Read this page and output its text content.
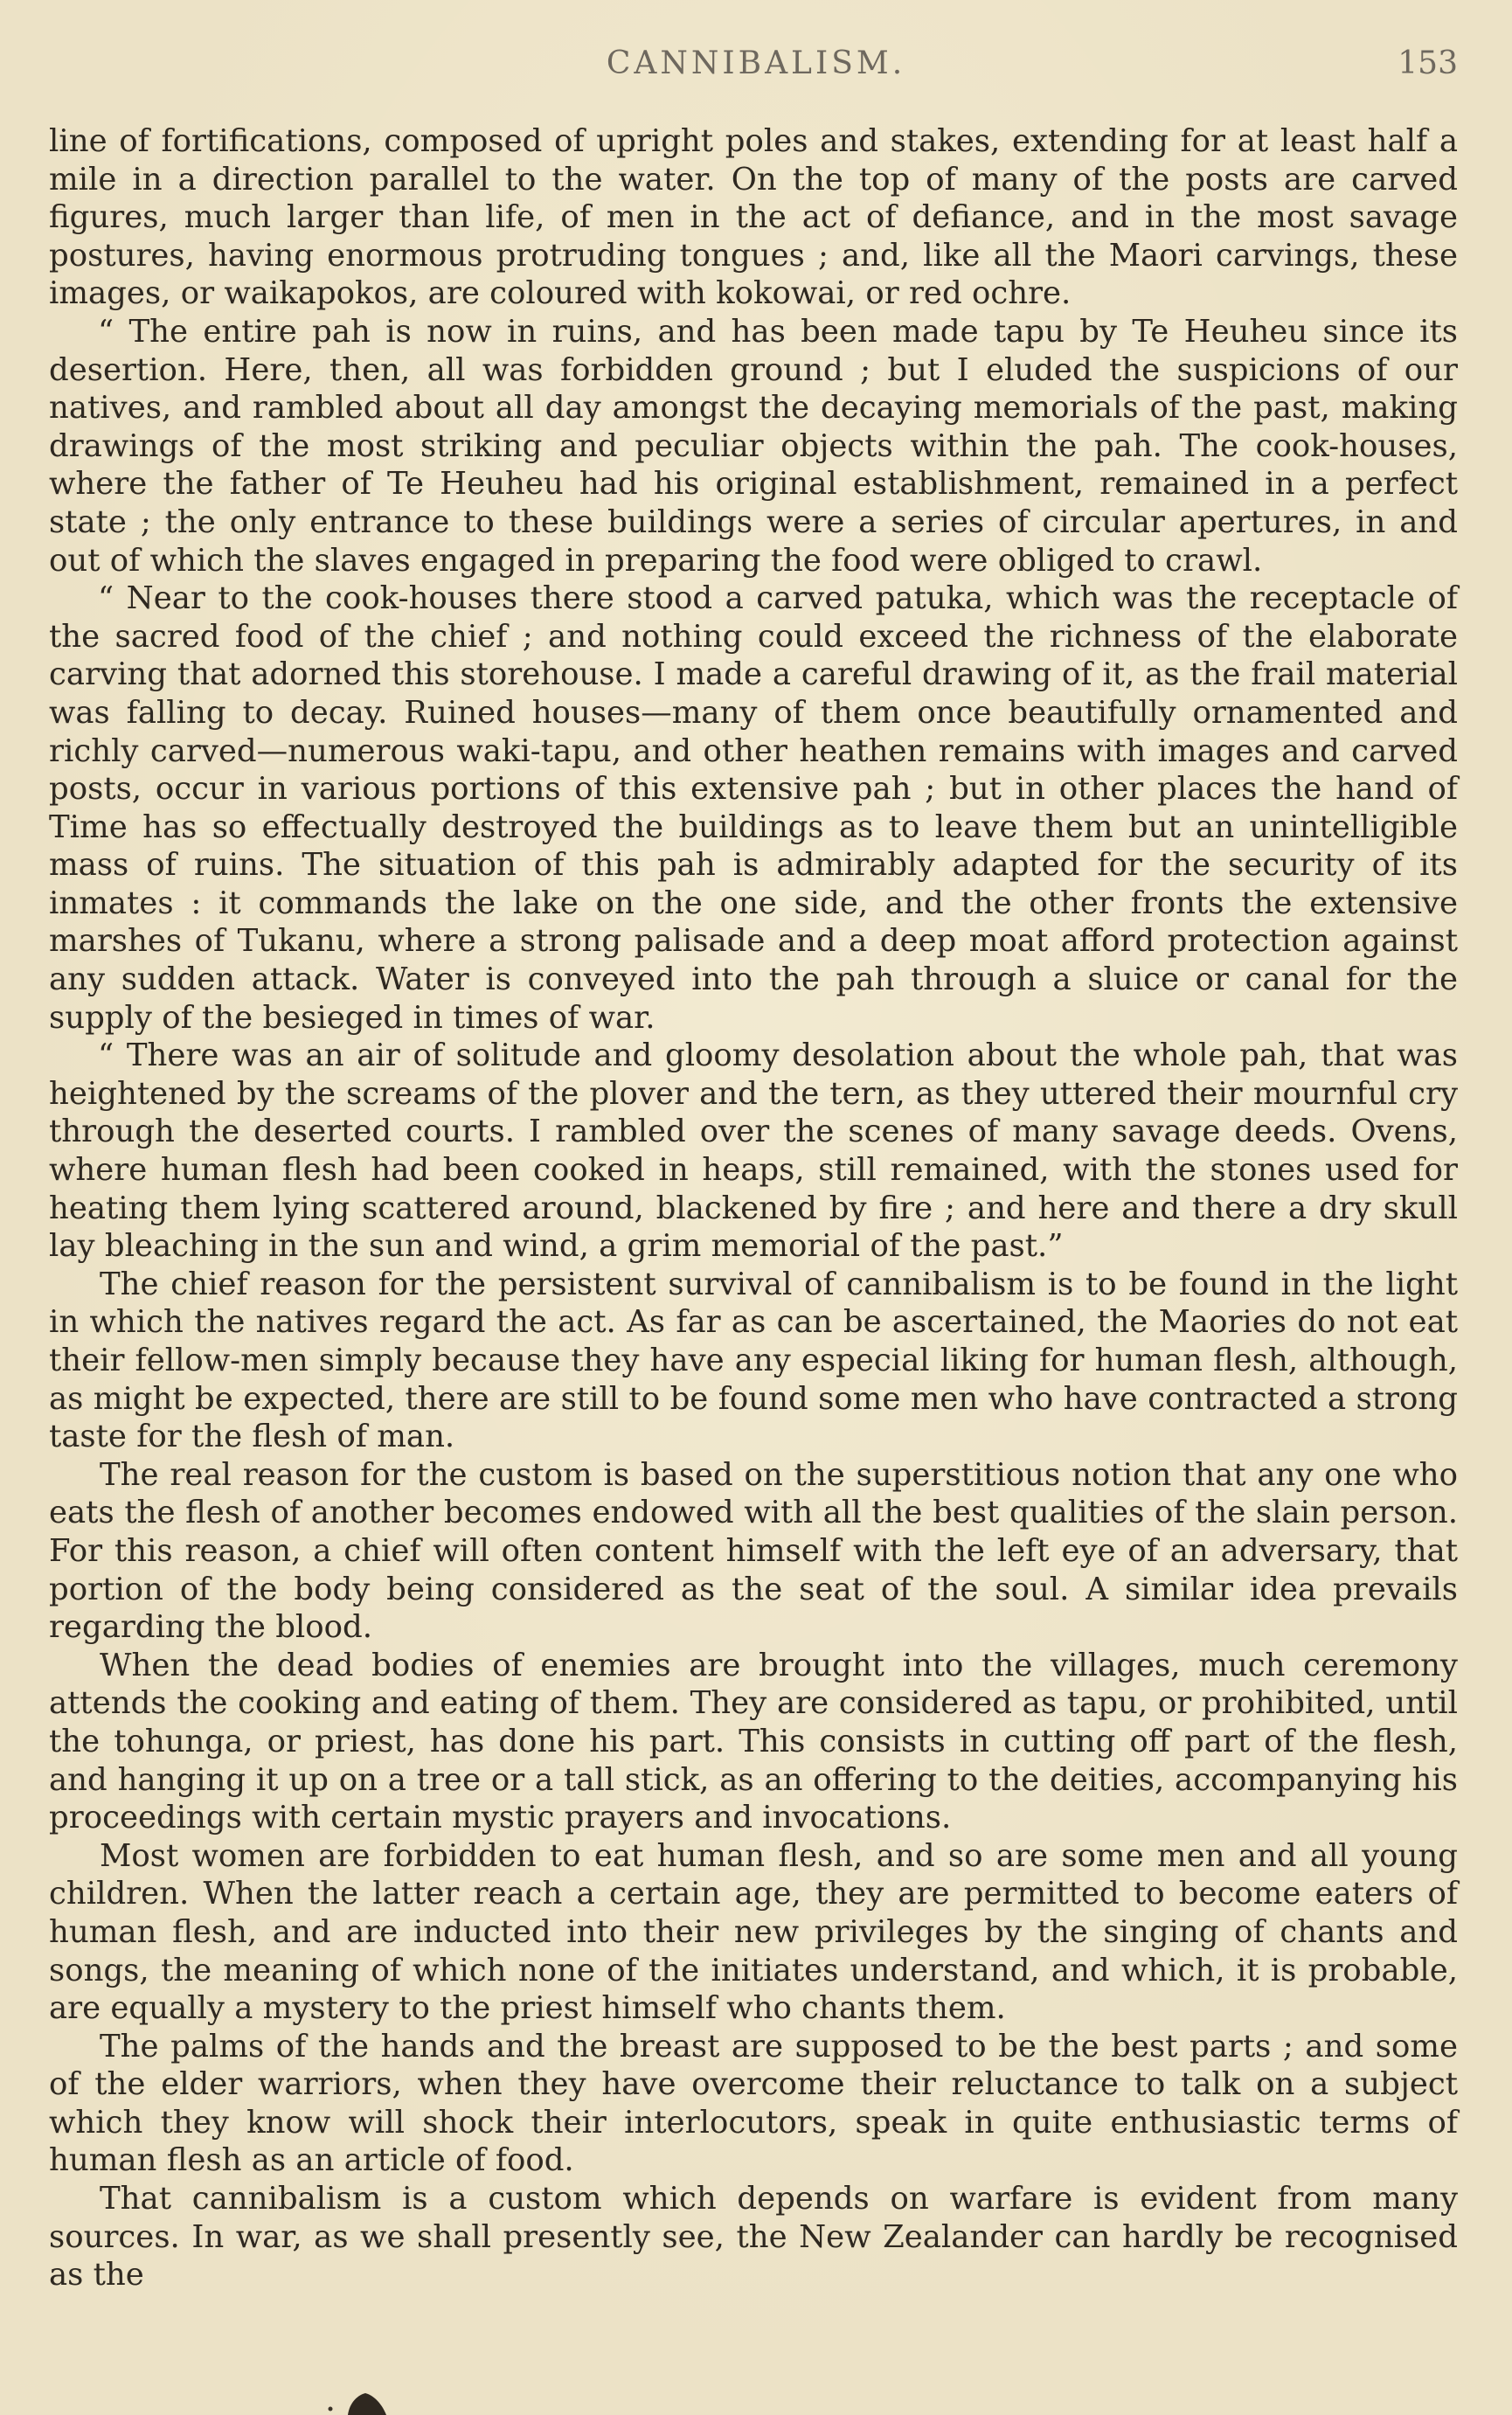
CANNIBALISM.	153

line of fortifications, composed of upright poles and stakes, extending for at least half a mile in a direction parallel to the water. On the top of many of the posts are carved figures, much larger than life, of men in the act of defiance, and in the most savage postures, having enormous protruding tongues ; and, like all the Maori carvings, these images, or waikapokos, are coloured with kokowai, or red ochre.

“ The entire pah is now in ruins, and has been made tapu by Te Heuheu since its desertion. Here, then, all was forbidden ground ; but I eluded the suspicions of our natives, and rambled about all day amongst the decaying memorials of the past, making drawings of the most striking and peculiar objects within the pah. The cook-houses, where the father of Te Heuheu had his original establishment, remained in a perfect state ; the only entrance to these buildings were a series of circular apertures, in and out of which the slaves engaged in preparing the food were obliged to crawl.

“ Near to the cook-houses there stood a carved patuka, which was the receptacle of the sacred food of the chief ; and nothing could exceed the richness of the elaborate carving that adorned this storehouse. I made a careful drawing of it, as the frail material was falling to decay. Ruined houses—many of them once beautifully ornamented and richly carved—numerous waki-tapu, and other heathen remains with images and carved posts, occur in various portions of this extensive pah ; but in other places the hand of Time has so effectually destroyed the buildings as to leave them but an unintelligible mass of ruins. The situation of this pah is admirably adapted for the security of its inmates : it commands the lake on the one side, and the other fronts the extensive marshes of Tukanu, where a strong palisade and a deep moat afford protection against any sudden attack. Water is conveyed into the pah through a sluice or canal for the supply of the besieged in times of war.

“ There was an air of solitude and gloomy desolation about the whole pah, that was heightened by the screams of the plover and the tern, as they uttered their mournful cry through the deserted courts. I rambled over the scenes of many savage deeds. Ovens, where human flesh had been cooked in heaps, still remained, with the stones used for heating them lying scattered around, blackened by fire ; and here and there a dry skull lay bleaching in the sun and wind, a grim memorial of the past.”

The chief reason for the persistent survival of cannibalism is to be found in the light in which the natives regard the act. As far as can be ascertained, the Maories do not eat their fellow-men simply because they have any especial liking for human flesh, although, as might be expected, there are still to be found some men who have contracted a strong taste for the flesh of man.

The real reason for the custom is based on the superstitious notion that any one who eats the flesh of another becomes endowed with all the best qualities of the slain person. For this reason, a chief will often content himself with the left eye of an adversary, that portion of the body being considered as the seat of the soul. A similar idea prevails regarding the blood.

When the dead bodies of enemies are brought into the villages, much ceremony attends the cooking and eating of them. They are considered as tapu, or prohibited, until the tohunga, or priest, has done his part. This consists in cutting off part of the flesh, and hanging it up on a tree or a tall stick, as an offering to the deities, accompanying his proceedings with certain mystic prayers and invocations.

Most women are forbidden to eat human flesh, and so are some men and all young children. When the latter reach a certain age, they are permitted to become eaters of human flesh, and are inducted into their new privileges by the singing of chants and songs, the meaning of which none of the initiates understand, and which, it is probable, are equally a mystery to the priest himself who chants them.

The palms of the hands and the breast are supposed to be the best parts ; and some of the elder warriors, when they have overcome their reluctance to talk on a subject which they know will shock their interlocutors, speak in quite enthusiastic terms of human flesh as an article of food.

That cannibalism is a custom which depends on warfare is evident from many sources. In war, as we shall presently see, the New Zealander can hardly be recognised as the
